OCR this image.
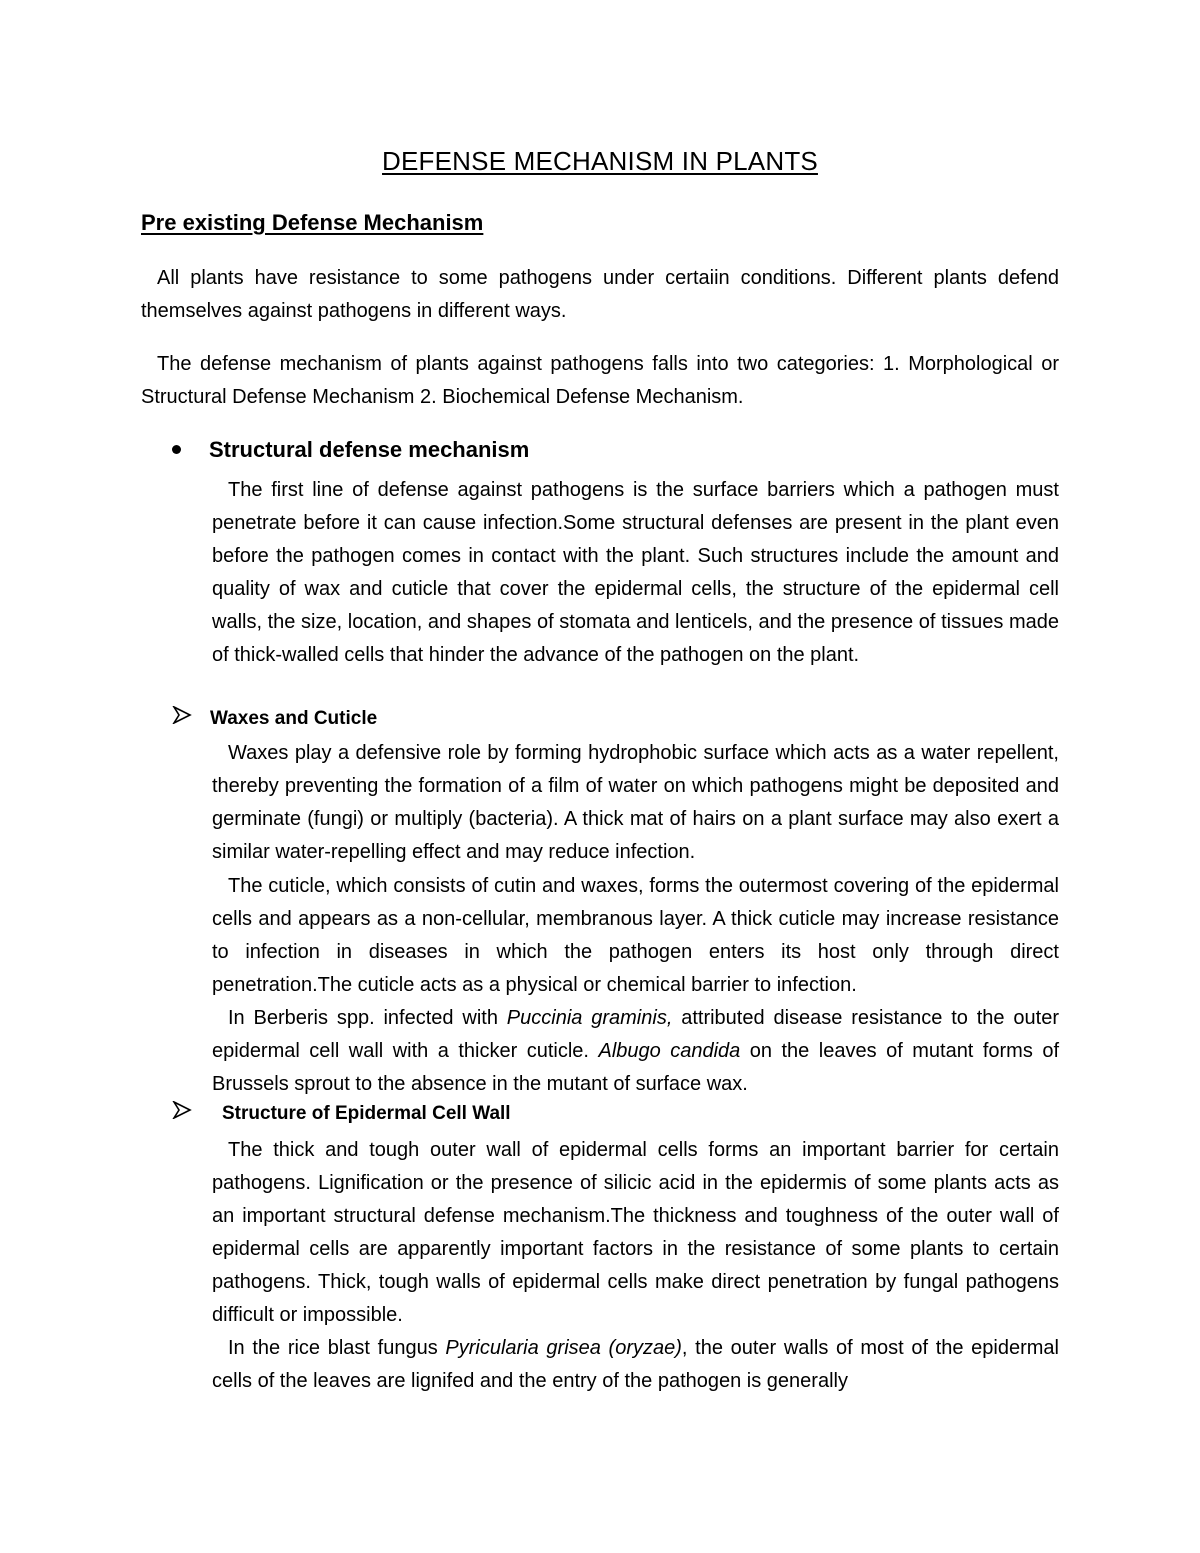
DEFENSE MECHANISM IN PLANTS
Pre existing Defense Mechanism
All plants have resistance to some pathogens under certaiin conditions. Different plants defend themselves against pathogens in different ways.
The defense mechanism of plants against pathogens falls into two categories: 1. Morphological or Structural Defense Mechanism 2. Biochemical Defense Mechanism.
Structural defense mechanism
The first line of defense against pathogens is the surface barriers which a pathogen must penetrate before it can cause infection.Some structural defenses are present in the plant even before the pathogen comes in contact with the plant. Such structures include the amount and quality of wax and cuticle that cover the epidermal cells, the structure of the epidermal cell walls, the size, location, and shapes of stomata and lenticels, and the presence of tissues made of thick-walled cells that hinder the advance of the pathogen on the plant.
Waxes and Cuticle
Waxes play a defensive role by forming hydrophobic surface which acts as a water repellent, thereby preventing the formation of a film of water on which pathogens might be deposited and germinate (fungi) or multiply (bacteria). A thick mat of hairs on a plant surface may also exert a similar water-repelling effect and may reduce infection.
The cuticle, which consists of cutin and waxes, forms the outermost covering of the epidermal cells and appears as a non-cellular, membranous layer. A thick cuticle may increase resistance to infection in diseases in which the pathogen enters its host only through direct penetration.The cuticle acts as a physical or chemical barrier to infection.
In Berberis spp. infected with Puccinia graminis, attributed disease resistance to the outer epidermal cell wall with a thicker cuticle. Albugo candida on the leaves of mutant forms of Brussels sprout to the absence in the mutant of surface wax.
Structure of Epidermal Cell Wall
The thick and tough outer wall of epidermal cells forms an important barrier for certain pathogens. Lignification or the presence of silicic acid in the epidermis of some plants acts as an important structural defense mechanism.The thickness and toughness of the outer wall of epidermal cells are apparently important factors in the resistance of some plants to certain pathogens. Thick, tough walls of epidermal cells make direct penetration by fungal pathogens difficult or impossible.
In the rice blast fungus Pyricularia grisea (oryzae), the outer walls of most of the epidermal cells of the leaves are lignifed and the entry of the pathogen is generally
